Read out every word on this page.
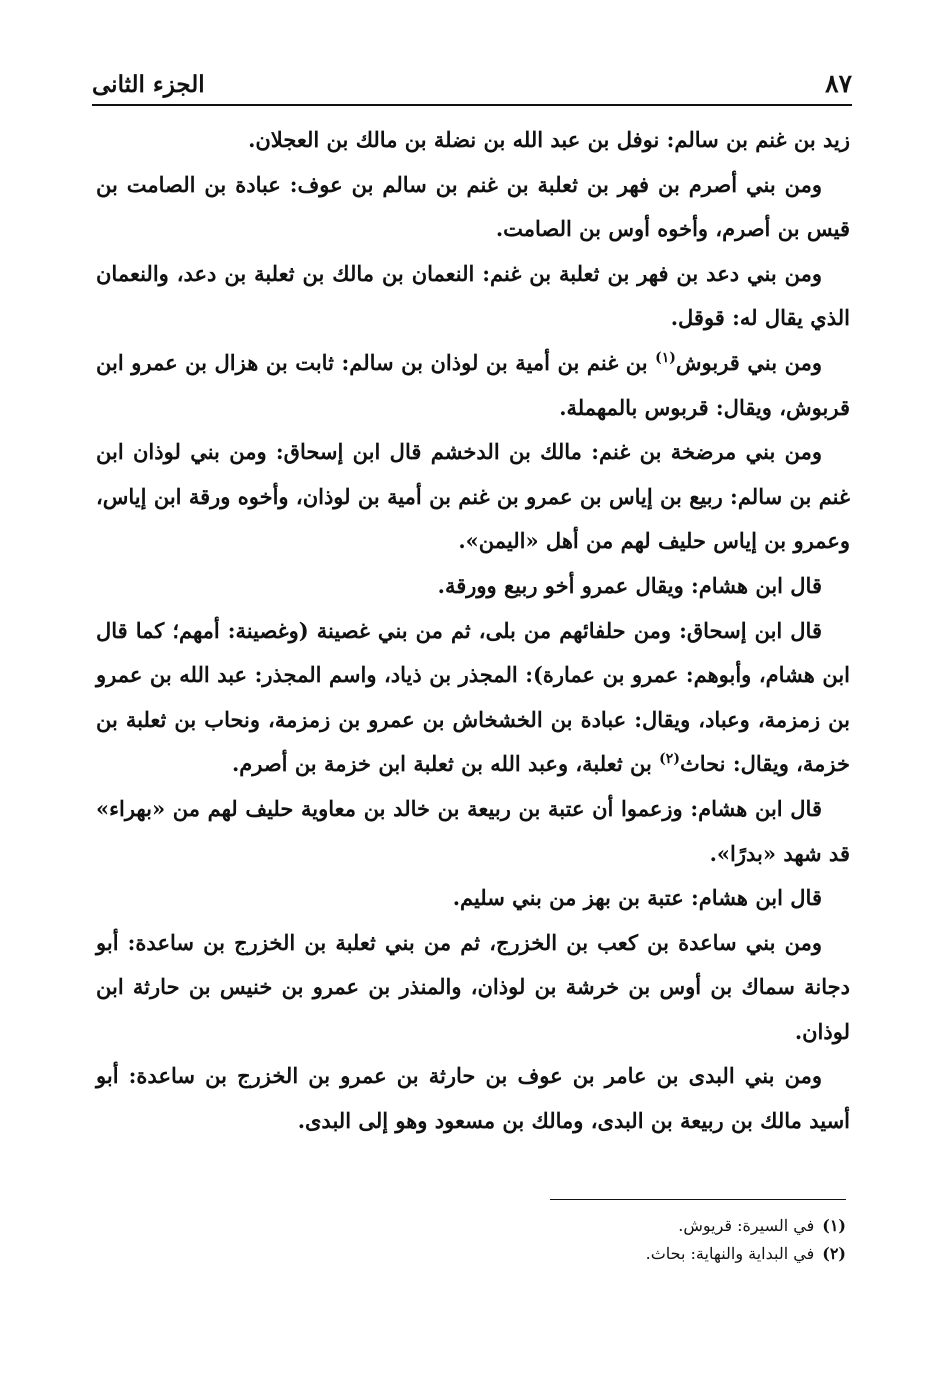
الجزء الثانى	٨٧

زيد بن غنم بن سالم: نوفل بن عبد الله بن نضلة بن مالك بن العجلان.

ومن بني أصرم بن فهر بن ثعلبة بن غنم بن سالم بن عوف: عبادة بن الصامت بن قيس بن أصرم، وأخوه أوس بن الصامت.

ومن بني دعد بن فهر بن ثعلبة بن غنم: النعمان بن مالك بن ثعلبة بن دعد، والنعمان الذي يقال له: قوقل.

ومن بني قربوش$^{(١)}$ بن غنم بن أمية بن لوذان بن سالم: ثابت بن هزال بن عمرو ابن قربوش، ويقال: قربوس بالمهملة.

ومن بني مرضخة بن غنم: مالك بن الدخشم قال ابن إسحاق: ومن بني لوذان ابن غنم بن سالم: ربيع بن إياس بن عمرو بن غنم بن أمية بن لوذان، وأخوه ورقة ابن إياس، وعمرو بن إياس حليف لهم من أهل «اليمن».

قال ابن هشام: ويقال عمرو أخو ربيع وورقة.

قال ابن إسحاق: ومن حلفائهم من بلى، ثم من بني غصينة (وغصينة: أمهم؛ كما قال ابن هشام، وأبوهم: عمرو بن عمارة): المجذر بن ذياد، واسم المجذر: عبد الله بن عمرو بن زمزمة، وعباد، ويقال: عبادة بن الخشخاش بن عمرو بن زمزمة، ونحاب بن ثعلبة بن خزمة، ويقال: نحاث$^{(٢)}$ بن ثعلبة، وعبد الله بن ثعلبة ابن خزمة بن أصرم.

قال ابن هشام: وزعموا أن عتبة بن ربيعة بن خالد بن معاوية حليف لهم من «بهراء» قد شهد «بدرًا».

قال ابن هشام: عتبة بن بهز من بني سليم.

ومن بني ساعدة بن كعب بن الخزرج، ثم من بني ثعلبة بن الخزرج بن ساعدة: أبو دجانة سماك بن أوس بن خرشة بن لوذان، والمنذر بن عمرو بن خنيس بن حارثة ابن لوذان.

ومن بني البدى بن عامر بن عوف بن حارثة بن عمرو بن الخزرج بن ساعدة: أبو أسيد مالك بن ربيعة بن البدى، ومالك بن مسعود وهو إلى البدى.

(١)في السيرة: قريوش.

(٢)في البداية والنهاية: بحاث.
